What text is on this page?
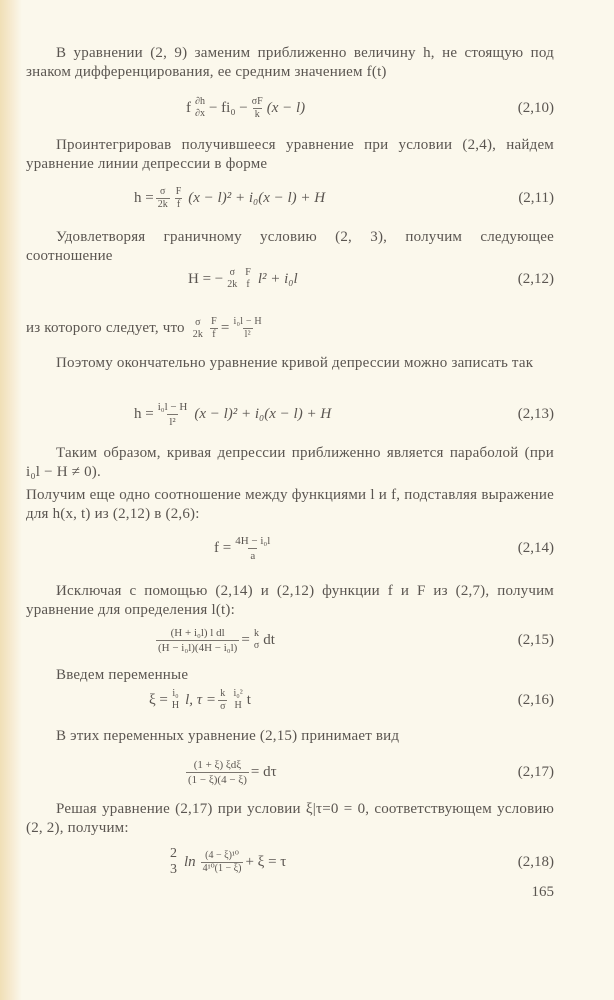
В уравнении (2, 9) заменим приближенно величину h, не стоящую под знаком дифференцирования, ее средним значением f(t)

f ∂h
$\partial x - fi_0 - \frac{\sigma F}{k} (x - l)$	(2,10)

Проинтегрировав получившееся уравнение при условии (2,4), найдем уравнение линии депрессии в форме

$h = \frac{\sigma}{2k} \frac{F}{f} (x - l)^2 + i_0(x - l) + H$	(2,11)

Удовлетворяя граничному условию (2, 3), получим следующее соотношение

H = − σ
2k
F
f l² + i₀l	(2,12)

из которого следует, что σ
$2k \frac{F}{f} = \frac{\text{i₀l − H}}{\text{l²}}$

Поэтому окончательно уравнение кривой депрессии можно записать так

$h = \frac{\text{i₀l − H}}{\text{l²}} (x - l)^2 + i_0(x - l) + H$	(2,13)

Таким образом, кривая депрессии приближенно является параболой (при i₀l − H ≠ 0).

Получим еще одно соотношение между функциями l и f, подставляя выражение для h(x, t) из (2,12) в (2,6):

$f = \frac{\text{4H − i₀l}}{a}$	(2,14)

Исключая с помощью (2,14) и (2,12) функции f и F из (2,7), получим уравнение для определения l(t):

$\frac{\text{(H + i₀l) l dl}}{\text{(H − i₀l)(4H − i₀l)}} = k$
σ dt	(2,15)

Введем переменные

ξ = i₀
H l, $\tau = \frac{k}{\sigma} i_0^2$
H t	(2,16)

В этих переменных уравнение (2,15) принимает вид

$\frac{\text{(1 + ξ) ξdξ}}{(1 - \xi)(4 - \xi)} = d\tau$	(2,17)

Решая уравнение (2,17) при условии ξ|τ=0 = 0, соответствующем условию (2, 2), получим:

2
3 $\ln \frac{\text{(4 − ξ)¹⁰}}{\text{4¹⁰(1 − ξ)}} + \xi = \tau$	(2,18)
165
